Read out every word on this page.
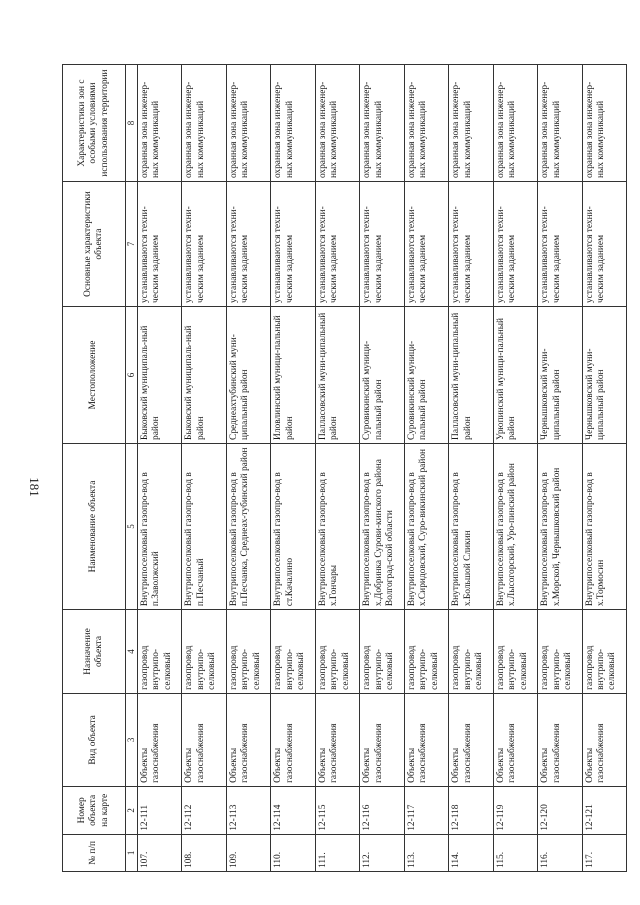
181
№ п/п	Номер объекта на карте	Вид объекта	Назначение объекта	Наименование объекта	Местоположение	Основные характеристики объекта	Характеристики зон с особыми условиями использования территории
1	2	3	4	5	6	7	8
107.	12-111	Объекты газоснабжения	газопровод внутрипо-селковый	Внутрипоселковый газопро-вод в п.Заволжский	Быковский муниципаль-ный район	устанавливаются техни-ческим заданием	охранная зона инженер-ных коммуникаций
108.	12-112	Объекты газоснабжения	газопровод внутрипо-селковый	Внутрипоселковый газопро-вод в п.Песчаный	Быковский муниципаль-ный район	устанавливаются техни-ческим заданием	охранная зона инженер-ных коммуникаций
109.	12-113	Объекты газоснабжения	газопровод внутрипо-селковый	Внутрипоселковый газопро-вод в п.Песчанка, Среднеах-тубинский район	Среднеахтубинский муни-ципальный район	устанавливаются техни-ческим заданием	охранная зона инженер-ных коммуникаций
110.	12-114	Объекты газоснабжения	газопровод внутрипо-селковый	Внутрипоселковый газопро-вод в ст.Качалино	Иловлинский муници-пальный район	устанавливаются техни-ческим заданием	охранная зона инженер-ных коммуникаций
111.	12-115	Объекты газоснабжения	газопровод внутрипо-селковый	Внутрипоселковый газопро-вод в х.Гончары	Палласовский муни-ципальный район	устанавливаются техни-ческим заданием	охранная зона инженер-ных коммуникаций
112.	12-116	Объекты газоснабжения	газопровод внутрипо-селковый	Внутрипоселковый газопро-вод в х.Добринка Сурови-кинского района Волгоград-ской области	Суровикинский муници-пальный район	устанавливаются техни-ческим заданием	охранная зона инженер-ных коммуникаций
113.	12-117	Объекты газоснабжения	газопровод внутрипо-селковый	Внутрипоселковый газопро-вод в х.Сиридовский, Суро-викинский район	Суровикинский муници-пальный район	устанавливаются техни-ческим заданием	охранная зона инженер-ных коммуникаций
114.	12-118	Объекты газоснабжения	газопровод внутрипо-селковый	Внутрипоселковый газопро-вод в х.Большой Сликин	Палласовский муни-ципальный район	устанавливаются техни-ческим заданием	охранная зона инженер-ных коммуникаций
115.	12-119	Объекты газоснабжения	газопровод внутрипо-селковый	Внутрипоселковый газопро-вод в х.Лысогорский, Уро-пинский район	Урюпинский муници-пальный район	устанавливаются техни-ческим заданием	охранная зона инженер-ных коммуникаций
116.	12-120	Объекты газоснабжения	газопровод внутрипо-селковый	Внутрипоселковый газопро-вод в х.Морской, Чернышковский район	Чернышковский муни-ципальный район	устанавливаются техни-ческим заданием	охранная зона инженер-ных коммуникаций
117.	12-121	Объекты газоснабжения	газопровод внутрипо-селковый	Внутрипоселковый газопро-вод в х.Тормосин	Чернышковский муни-ципальный район	устанавливаются техни-ческим заданием	охранная зона инженер-ных коммуникаций
